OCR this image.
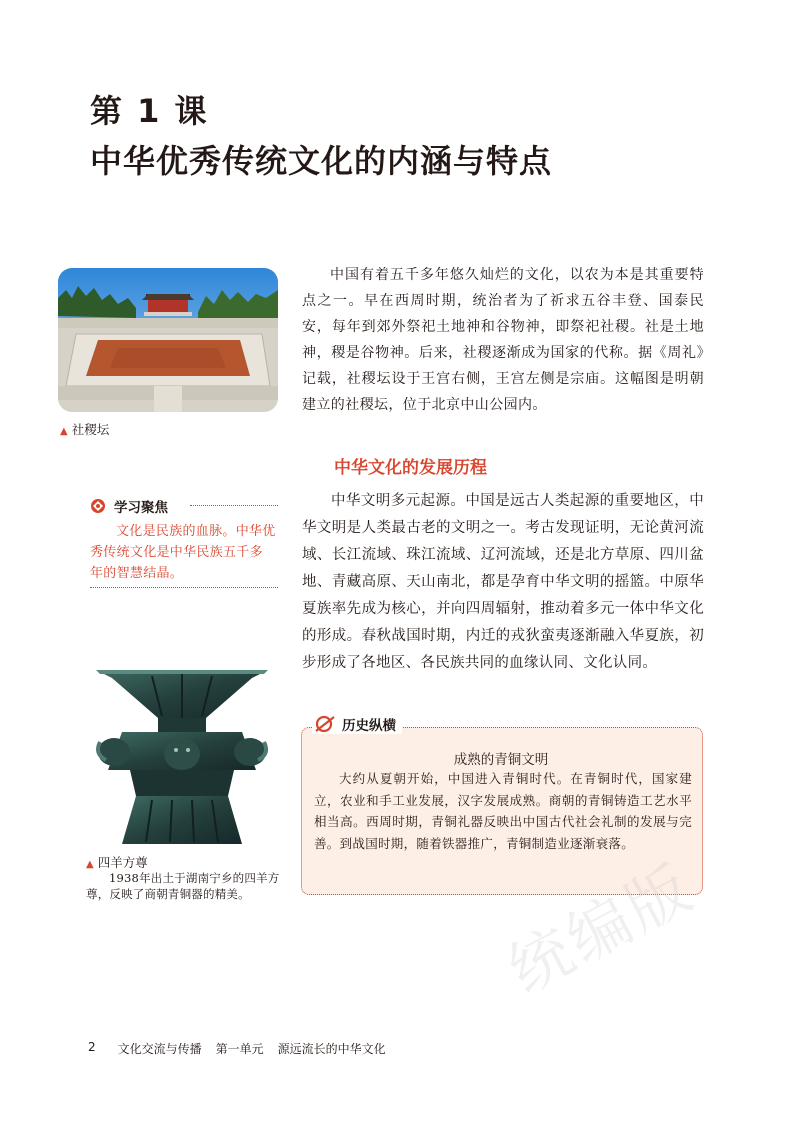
第 1 课
中华优秀传统文化的内涵与特点
▲ 社稷坛

中国有着五千多年悠久灿烂的文化，以农为本是其重要特点之一。早在西周时期，统治者为了祈求五谷丰登、国泰民安，每年到郊外祭祀土地神和谷物神，即祭祀社稷。社是土地神，稷是谷物神。后来，社稷逐渐成为国家的代称。据《周礼》记载，社稷坛设于王宫右侧，王宫左侧是宗庙。这幅图是明朝建立的社稷坛，位于北京中山公园内。

中华文化的发展历程
学习聚焦

文化是民族的血脉。中华优秀传统文化是中华民族五千多年的智慧结晶。

中华文明多元起源。中国是远古人类起源的重要地区，中华文明是人类最古老的文明之一。考古发现证明，无论黄河流域、长江流域、珠江流域、辽河流域，还是北方草原、四川盆地、青藏高原、天山南北，都是孕育中华文明的摇篮。中原华夏族率先成为核心，并向四周辐射，推动着多元一体中华文化的形成。春秋战国时期，内迁的戎狄蛮夷逐渐融入华夏族，初步形成了各地区、各民族共同的血缘认同、文化认同。

▲ 四羊方尊
1938年出土于湖南宁乡的四羊方尊，反映了商朝青铜器的精美。
历史纵横
成熟的青铜文明

大约从夏朝开始，中国进入青铜时代。在青铜时代，国家建立，农业和手工业发展，汉字发展成熟。商朝的青铜铸造工艺水平相当高。西周时期，青铜礼器反映出中国古代社会礼制的发展与完善。到战国时期，随着铁器推广，青铜制造业逐渐衰落。

统编版
2 文化交流与传播 第一单元 源远流长的中华文化
